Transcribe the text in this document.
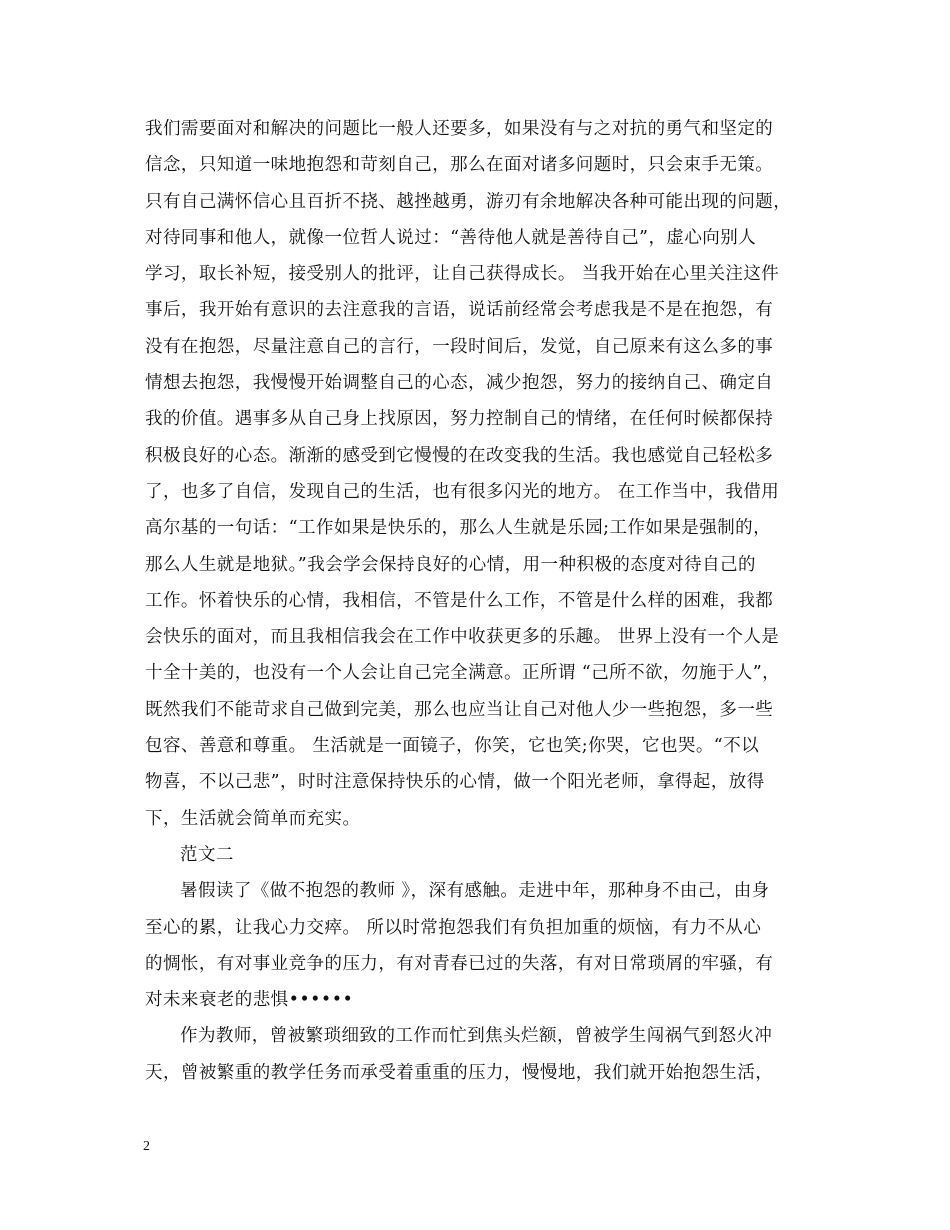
我们需要面对和解决的问题比一般人还要多，如果没有与之对抗的勇气和坚定的
信念，只知道一味地抱怨和苛刻自己，那么在面对诸多问题时，只会束手无策。
只有自己满怀信心且百折不挠、越挫越勇，游刃有余地解决各种可能出现的问题，
对待同事和他人，就像一位哲人说过：“善待他人就是善待自己”，虚心向别人
学习，取长补短，接受别人的批评，让自己获得成长。 当我开始在心里关注这件
事后，我开始有意识的去注意我的言语，说话前经常会考虑我是不是在抱怨，有
没有在抱怨，尽量注意自己的言行，一段时间后，发觉，自己原来有这么多的事
情想去抱怨，我慢慢开始调整自己的心态，减少抱怨，努力的接纳自己、确定自
我的价值。遇事多从自己身上找原因，努力控制自己的情绪，在任何时候都保持
积极良好的心态。渐渐的感受到它慢慢的在改变我的生活。我也感觉自己轻松多
了，也多了自信，发现自己的生活，也有很多闪光的地方。 在工作当中，我借用
高尔基的一句话：“工作如果是快乐的，那么人生就是乐园;工作如果是强制的，
那么人生就是地狱。”我会学会保持良好的心情，用一种积极的态度对待自己的
工作。怀着快乐的心情，我相信，不管是什么工作，不管是什么样的困难，我都
会快乐的面对，而且我相信我会在工作中收获更多的乐趣。 世界上没有一个人是
十全十美的，也没有一个人会让自己完全满意。正所谓 “己所不欲，勿施于人”，
既然我们不能苛求自己做到完美，那么也应当让自己对他人少一些抱怨，多一些
包容、善意和尊重。 生活就是一面镜子，你笑，它也笑;你哭，它也哭。“不以
物喜，不以己悲”，时时注意保持快乐的心情，做一个阳光老师，拿得起，放得
下，生活就会简单而充实。
范文二
暑假读了《做不抱怨的教师 》，深有感触。走进中年，那种身不由己，由身
至心的累，让我心力交瘁。 所以时常抱怨我们有负担加重的烦恼，有力不从心
的惆怅，有对事业竞争的压力，有对青春已过的失落，有对日常琐屑的牢骚，有
对未来衰老的悲惧••••••
作为教师，曾被繁琐细致的工作而忙到焦头烂额，曾被学生闯祸气到怒火冲
天，曾被繁重的教学任务而承受着重重的压力，慢慢地，我们就开始抱怨生活，
2
